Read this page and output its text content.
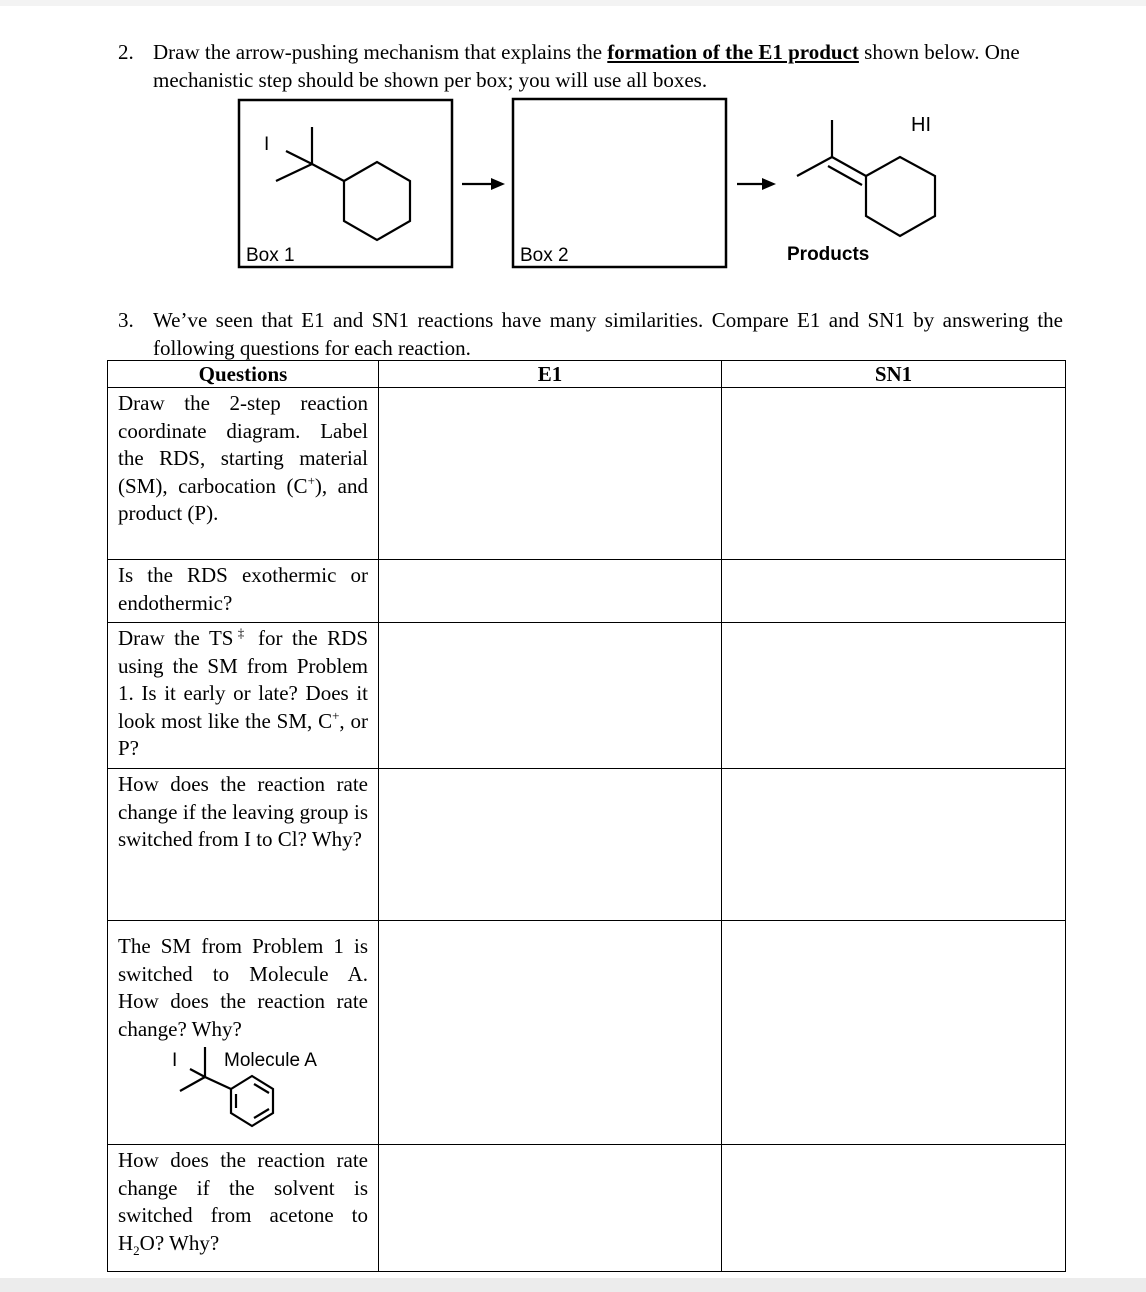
2. Draw the arrow-pushing mechanism that explains the formation of the E1 product shown below. One mechanistic step should be shown per box; you will use all boxes.
I
Box 1	Box 2
HI
Products
3. We’ve seen that E1 and SN1 reactions have many similarities. Compare E1 and SN1 by answering the following questions for each reaction.
Questions	E1	SN1

Draw the 2-step reaction coordinate diagram. Label the RDS, starting material (SM), carbocation (C+), and product (P).		

Is the RDS exothermic or endothermic?		

Draw the TS‡ for the RDS using the SM from Problem 1. Is it early or late? Does it look most like the SM, C+, or P?		

How does the reaction rate change if the leaving group is switched from I to Cl? Why?		

The SM from Problem 1 is switched to Molecule A. How does the reaction rate change? Why?
I Molecule A		

How does the reaction rate change if the solvent is switched from acetone to $H_2O$? Why?		
